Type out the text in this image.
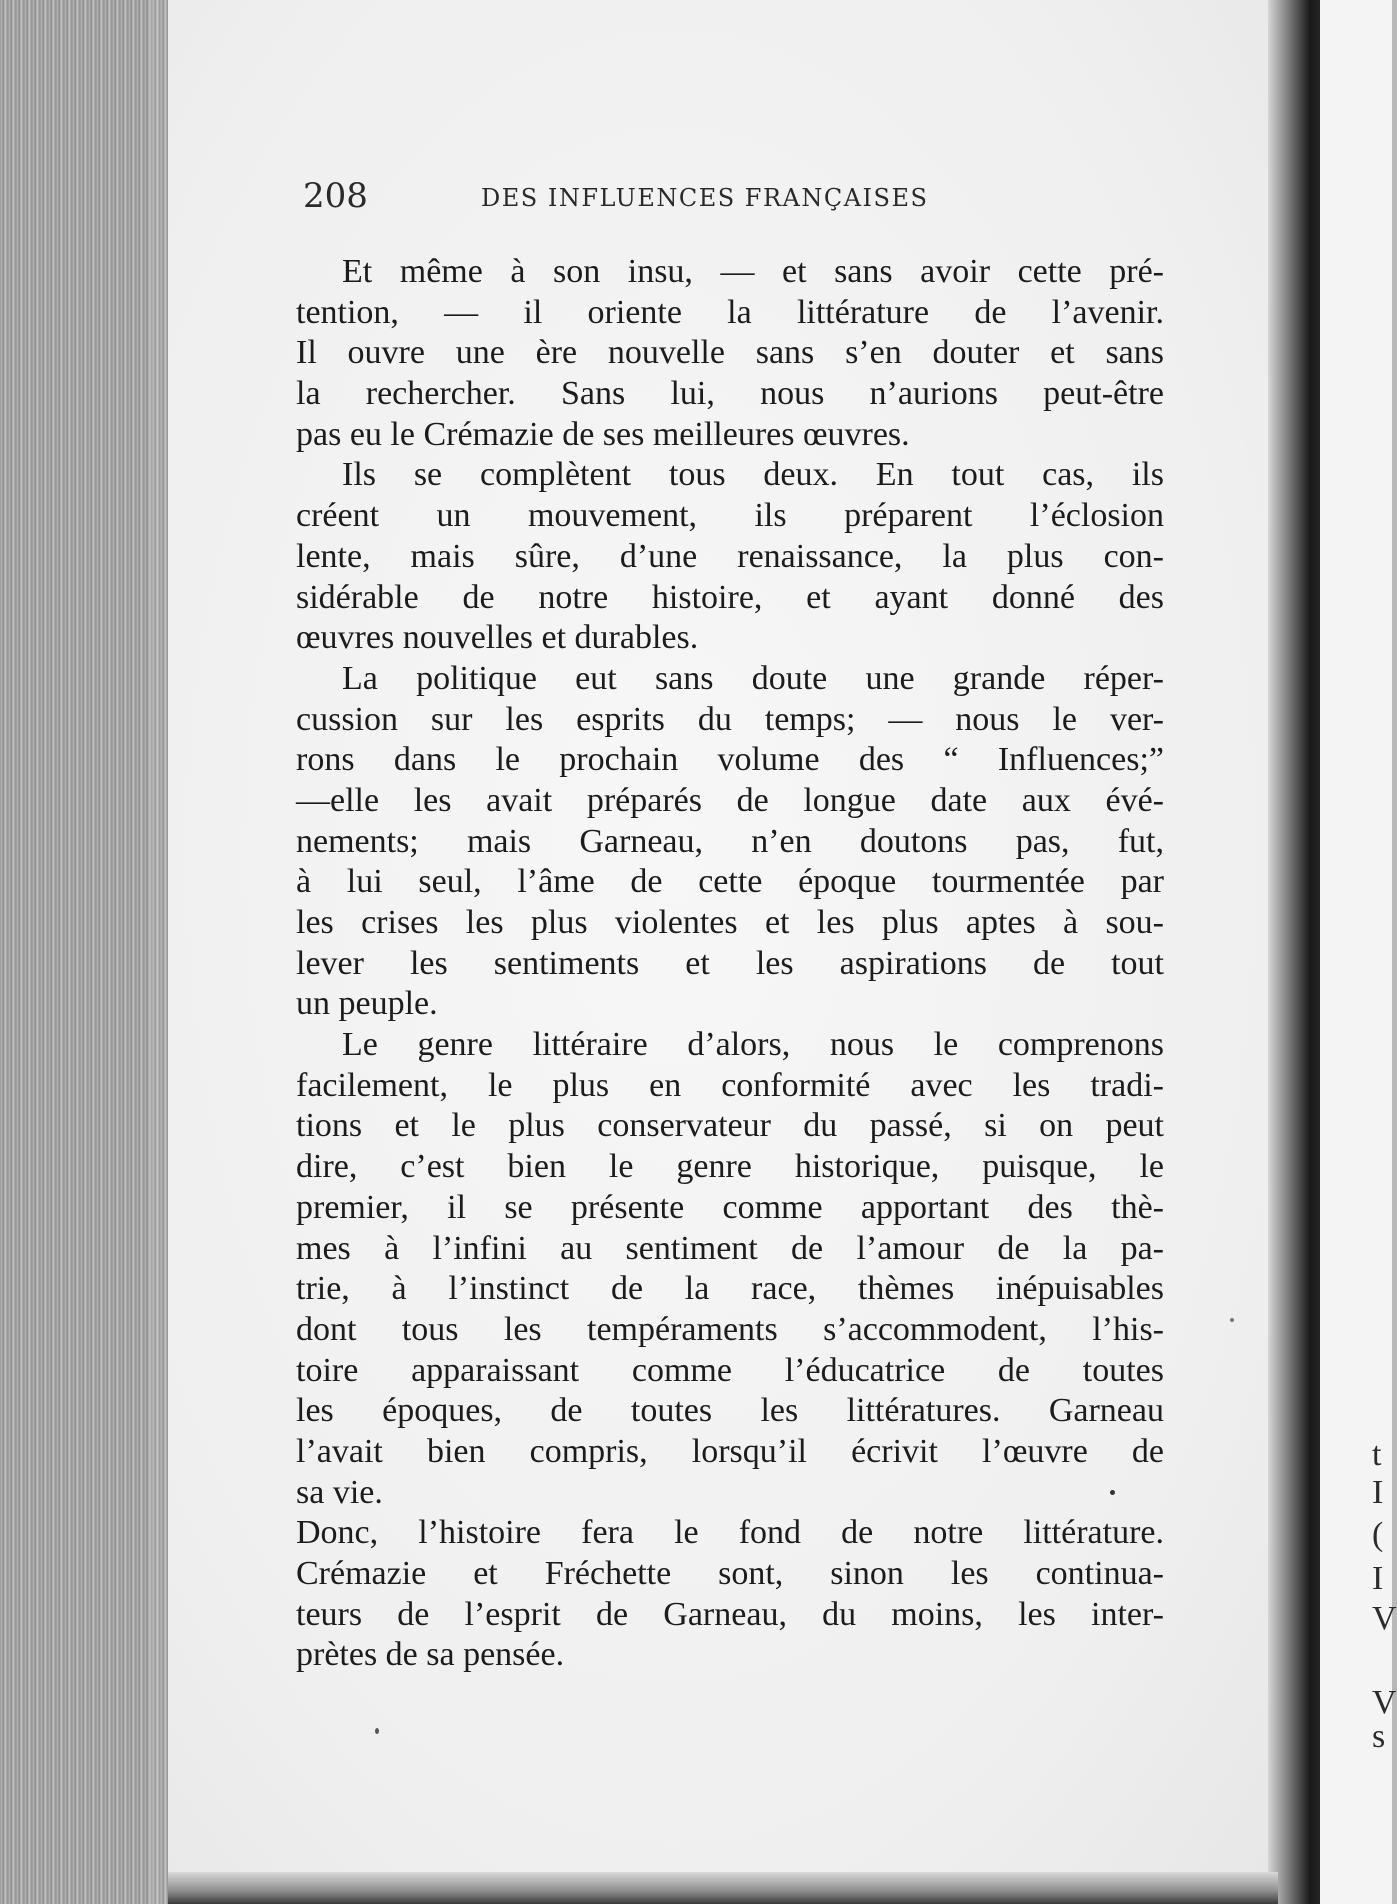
208	DES INFLUENCES FRANÇAISES
Et même à son insu, — et sans avoir cette pré-
tention, — il oriente la littérature de l’avenir.
Il ouvre une ère nouvelle sans s’en douter et sans
la rechercher. Sans lui, nous n’aurions peut-être
pas eu le Crémazie de ses meilleures œuvres.
Ils se complètent tous deux. En tout cas, ils
créent un mouvement, ils préparent l’éclosion
lente, mais sûre, d’une renaissance, la plus con-
sidérable de notre histoire, et ayant donné des
œuvres nouvelles et durables.
La politique eut sans doute une grande réper-
cussion sur les esprits du temps; — nous le ver-
rons dans le prochain volume des “ Influences;”
—elle les avait préparés de longue date aux évé-
nements; mais Garneau, n’en doutons pas, fut,
à lui seul, l’âme de cette époque tourmentée par
les crises les plus violentes et les plus aptes à sou-
lever les sentiments et les aspirations de tout
un peuple.
Le genre littéraire d’alors, nous le comprenons
facilement, le plus en conformité avec les tradi-
tions et le plus conservateur du passé, si on peut
dire, c’est bien le genre historique, puisque, le
premier, il se présente comme apportant des thè-
mes à l’infini au sentiment de l’amour de la pa-
trie, à l’instinct de la race, thèmes inépuisables
dont tous les tempéraments s’accommodent, l’his-
toire apparaissant comme l’éducatrice de toutes
les époques, de toutes les littératures. Garneau
l’avait bien compris, lorsqu’il écrivit l’œuvre de
sa vie.
Donc, l’histoire fera le fond de notre littérature.
Crémazie et Fréchette sont, sinon les continua-
teurs de l’esprit de Garneau, du moins, les inter-
prètes de sa pensée.
t
I
(
I
V
V
s
